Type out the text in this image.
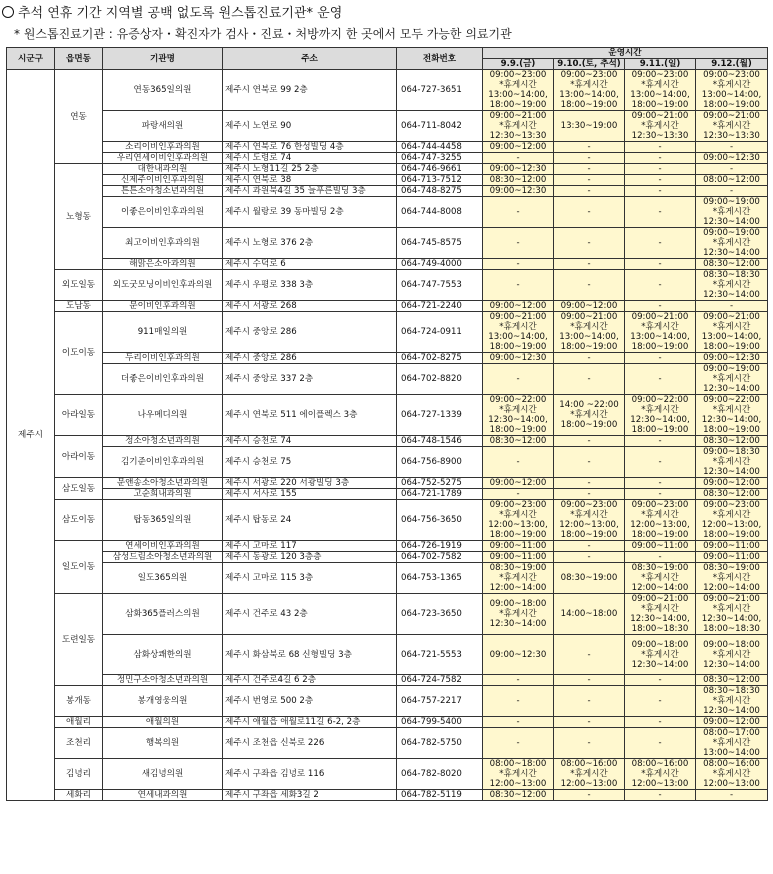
추석 연휴 기간 지역별 공백 없도록 원스톱진료기관* 운영
* 원스톱진료기관 : 유증상자・확진자가 검사・진료・처방까지 한 곳에서 모두 가능한 의료기관
시군구	읍면동	기관명	주소	전화번호	운영시간			
					9.9.(금)	9.10.(토, 추석)	9.11.(일)	9.12.(월)
제주시	연동	연동365일의원	제주시 연북로 99 2층	064-727-3651	09:00~23:00
*휴게시간
13:00~14:00,
18:00~19:00	09:00~23:00
*휴게시간
13:00~14:00,
18:00~19:00	09:00~23:00
*휴게시간
13:00~14:00,
18:00~19:00	09:00~23:00
*휴게시간
13:00~14:00,
18:00~19:00
		파랑새의원	제주시 노연로 90	064-711-8042	09:00~21:00
*휴게시간
12:30~13:30	13:30~19:00	09:00~21:00
*휴게시간
12:30~13:30	09:00~21:00
*휴게시간
12:30~13:30
		소리이비인후과의원	제주시 연북로 76 한성빌딩 4층	064-744-4458	09:00~12:00	-	-	-
		우리연세이비인후과의원	제주시 도령로 74	064-747-3255	-	-	-	09:00~12:30
	노형동	대한내과의원	제주시 노형11길 25 2층	064-746-9661	09:00~12:30	-	-	-
		신제주이비인후과의원	제주시 연북로 38	064-713-7512	08:30~12:00	-	-	08:00~12:00
		튼튼소아청소년과의원	제주시 과원북4길 35 늘푸른빌딩 3층	064-748-8275	09:00~12:30	-	-	-
		이좋은이비인후과의원	제주시 월랑로 39 동마빌딩 2층	064-744-8008	-	-	-	09:00~19:00
*휴게시간
12:30~14:00
		최고이비인후과의원	제주시 노형로 376 2층	064-745-8575	-	-	-	09:00~19:00
*휴게시간
12:30~14:00
		해맑은소아과의원	제주시 수덕로 6	064-749-4000	-	-	-	08:30~12:00
	외도일동	외도굿모닝이비인후과의원	제주시 우평로 338 3층	064-747-7553	-	-	-	08:30~18:30
*휴게시간
12:30~14:00
	도남동	문이비인후과의원	제주시 서광로 268	064-721-2240	09:00~12:00	09:00~12:00	-	-
	이도이동	911매일의원	제주시 중앙로 286	064-724-0911	09:00~21:00
*휴게시간
13:00~14:00,
18:00~19:00	09:00~21:00
*휴게시간
13:00~14:00,
18:00~19:00	09:00~21:00
*휴게시간
13:00~14:00,
18:00~19:00	09:00~21:00
*휴게시간
13:00~14:00,
18:00~19:00
		두리이비인후과의원	제주시 중앙로 286	064-702-8275	09:00~12:30	-	-	09:00~12:30
		더좋은이비인후과의원	제주시 중앙로 337 2층	064-702-8820	-	-	-	09:00~19:00
*휴게시간
12:30~14:00
	아라일동	나우메디의원	제주시 연북로 511 에이플렉스 3층	064-727-1339	09:00~22:00
*휴게시간
12:30~14:00,
18:00~19:00	14:00 ~22:00
*휴게시간
18:00~19:00	09:00~22:00
*휴게시간
12:30~14:00,
18:00~19:00	09:00~22:00
*휴게시간
12:30~14:00,
18:00~19:00
	아라이동	정소아청소년과의원	제주시 승천로 74	064-748-1546	08:30~12:00	-	-	08:30~12:00
		김기준이비인후과의원	제주시 승천로 75	064-756-8900	-	-	-	09:00~18:30
*휴게시간
12:30~14:00
	삼도일동	문앤송소아청소년과의원	제주시 서광로 220 서광빌딩 3층	064-752-5275	09:00~12:00	-	-	09:00~12:00
		고순희내과의원	제주시 서사로 155	064-721-1789	-	-	-	08:30~12:00
	삼도이동	탑동365일의원	제주시 탑동로 24	064-756-3650	09:00~23:00
*휴게시간
12:00~13:00,
18:00~19:00	09:00~23:00
*휴게시간
12:00~13:00,
18:00~19:00	09:00~23:00
*휴게시간
12:00~13:00,
18:00~19:00	09:00~23:00
*휴게시간
12:00~13:00,
18:00~19:00
	일도이동	연세이비인후과의원	제주시 고마로 117	064-726-1919	09:00~11:00	-	09:00~11:00	09:00~11:00
		삼성드림소아청소년과의원	제주시 동광로 120 3층층	064-702-7582	09:00~11:00	-	-	09:00~11:00
		일도365의원	제주시 고마로 115 3층	064-753-1365	08:30~19:00
*휴게시간
12:00~14:00	08:30~19:00	08:30~19:00
*휴게시간
12:00~14:00	08:30~19:00
*휴게시간
12:00~14:00
	도련일동	삼화365플러스의원	제주시 건주로 43 2층	064-723-3650	09:00~18:00
*휴게시간
12:30~14:00	14:00~18:00	09:00~21:00
*휴게시간
12:30~14:00,
18:00~18:30	09:00~21:00
*휴게시간
12:30~14:00,
18:00~18:30
		삼화상쾌한의원	제주시 화삼북로 68 신형빌딩 3층	064-721-5553	09:00~12:30	-	09:00~18:00
*휴게시간
12:30~14:00	09:00~18:00
*휴게시간
12:30~14:00
		정민구소아청소년과의원	제주시 건주로4길 6 2층	064-724-7582	-	-	-	08:30~12:00
	봉개동	봉개영웅의원	제주시 번영로 500 2층	064-757-2217	-	-	-	08:30~18:30
*휴게시간
12:30~14:00
	애월리	애월의원	제주시 애월읍 애월로11길 6-2, 2층	064-799-5400	-	-	-	09:00~12:00
	조천리	행복의원	제주시 조천읍 신북로 226	064-782-5750	-	-	-	08:00~17:00
*휴게시간
13:00~14:00
	김녕리	새김녕의원	제주시 구좌읍 김녕로 116	064-782-8020	08:00~18:00
*휴게시간
12:00~13:00	08:00~16:00
*휴게시간
12:00~13:00	08:00~16:00
*휴게시간
12:00~13:00	08:00~16:00
*휴게시간
12:00~13:00
	세화리	연세내과의원	제주시 구좌읍 세화3길 2	064-782-5119	08:30~12:00	-	-	-
